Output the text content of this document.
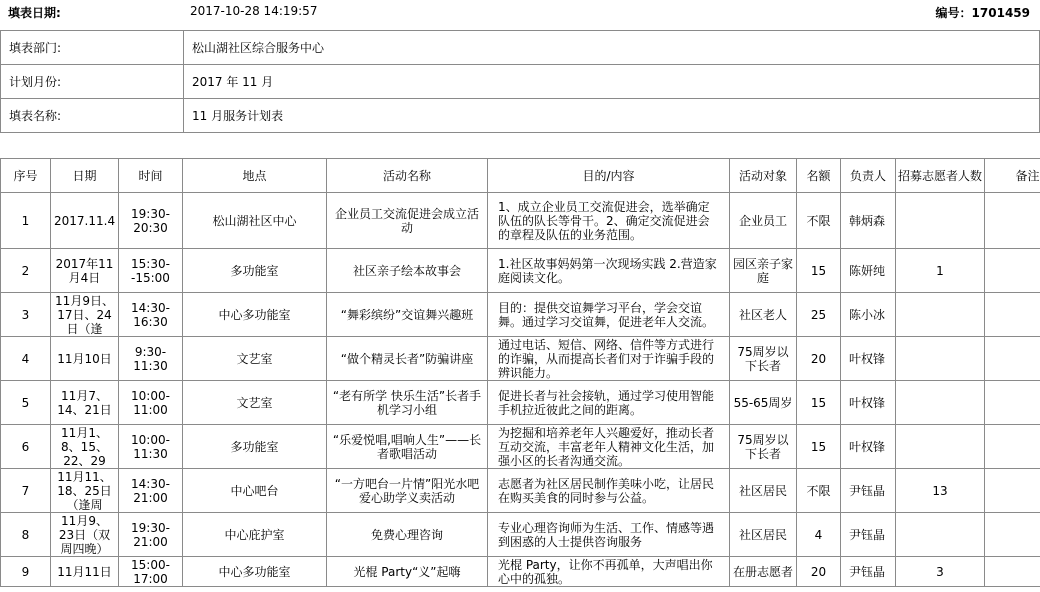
填表日期:	2017-10-28 14:19:57	编号：1701459
填表部门:	松山湖社区综合服务中心
计划月份:	2017 年 11 月
填表名称:	11 月服务计划表
序号	日期	时间	地点	活动名称	目的/内容	活动对象	名额	负责人	招募志愿者人数	备注

1	2017.11.4	19:30-20:30	松山湖社区中心	企业员工交流促进会成立活动	1、成立企业员工交流促进会，选举确定队伍的队长等骨干。2、确定交流促进会的章程及队伍的业务范围。	企业员工	不限	韩炳森		

2	2017年11月4日	15:30--15:00	多功能室	社区亲子绘本故事会	1.社区故事妈妈第一次现场实践 2.营造家庭阅读文化。	园区亲子家庭	15	陈妍纯	1	

3	11月9日、17日、24日（逢	14:30-16:30	中心多功能室	“舞彩缤纷”交谊舞兴趣班	目的：提供交谊舞学习平台，学会交谊舞。通过学习交谊舞，促进老年人交流。	社区老人	25	陈小冰		

4	11月10日	9:30-11:30	文艺室	“做个精灵长者”防骗讲座	通过电话、短信、网络、信件等方式进行的诈骗，从而提高长者们对于诈骗手段的辨识能力。	75周岁以下长者	20	叶权锋		

5	11月7、14、21日	10:00-11:00	文艺室	“老有所学 快乐生活”长者手机学习小组	促进长者与社会接轨，通过学习使用智能手机拉近彼此之间的距离。	55-65周岁	15	叶权锋		

6	11月1、8、15、22、29	10:00-11:30	多功能室	“乐爱悦唱,唱响人生”——长者歌唱活动	为挖掘和培养老年人兴趣爱好，推动长者互动交流，丰富老年人精神文化生活，加强小区的长者沟通交流。	75周岁以下长者	15	叶权锋		

7	11月11、18、25日（逢周	14:30-21:00	中心吧台	“一方吧台一片情”阳光水吧爱心助学义卖活动	志愿者为社区居民制作美味小吃，让居民在购买美食的同时参与公益。	社区居民	不限	尹钰晶	13	

8	11月9、23日（双周四晚）	19:30-21:00	中心庇护室	免费心理咨询	专业心理咨询师为生活、工作、情感等遇到困惑的人士提供咨询服务	社区居民	4	尹钰晶		

9	11月11日	15:00-17:00	中心多功能室	光棍 Party“义”起嗨	光棍 Party，让你不再孤单，大声唱出你心中的孤独。	在册志愿者	20	尹钰晶	3	
